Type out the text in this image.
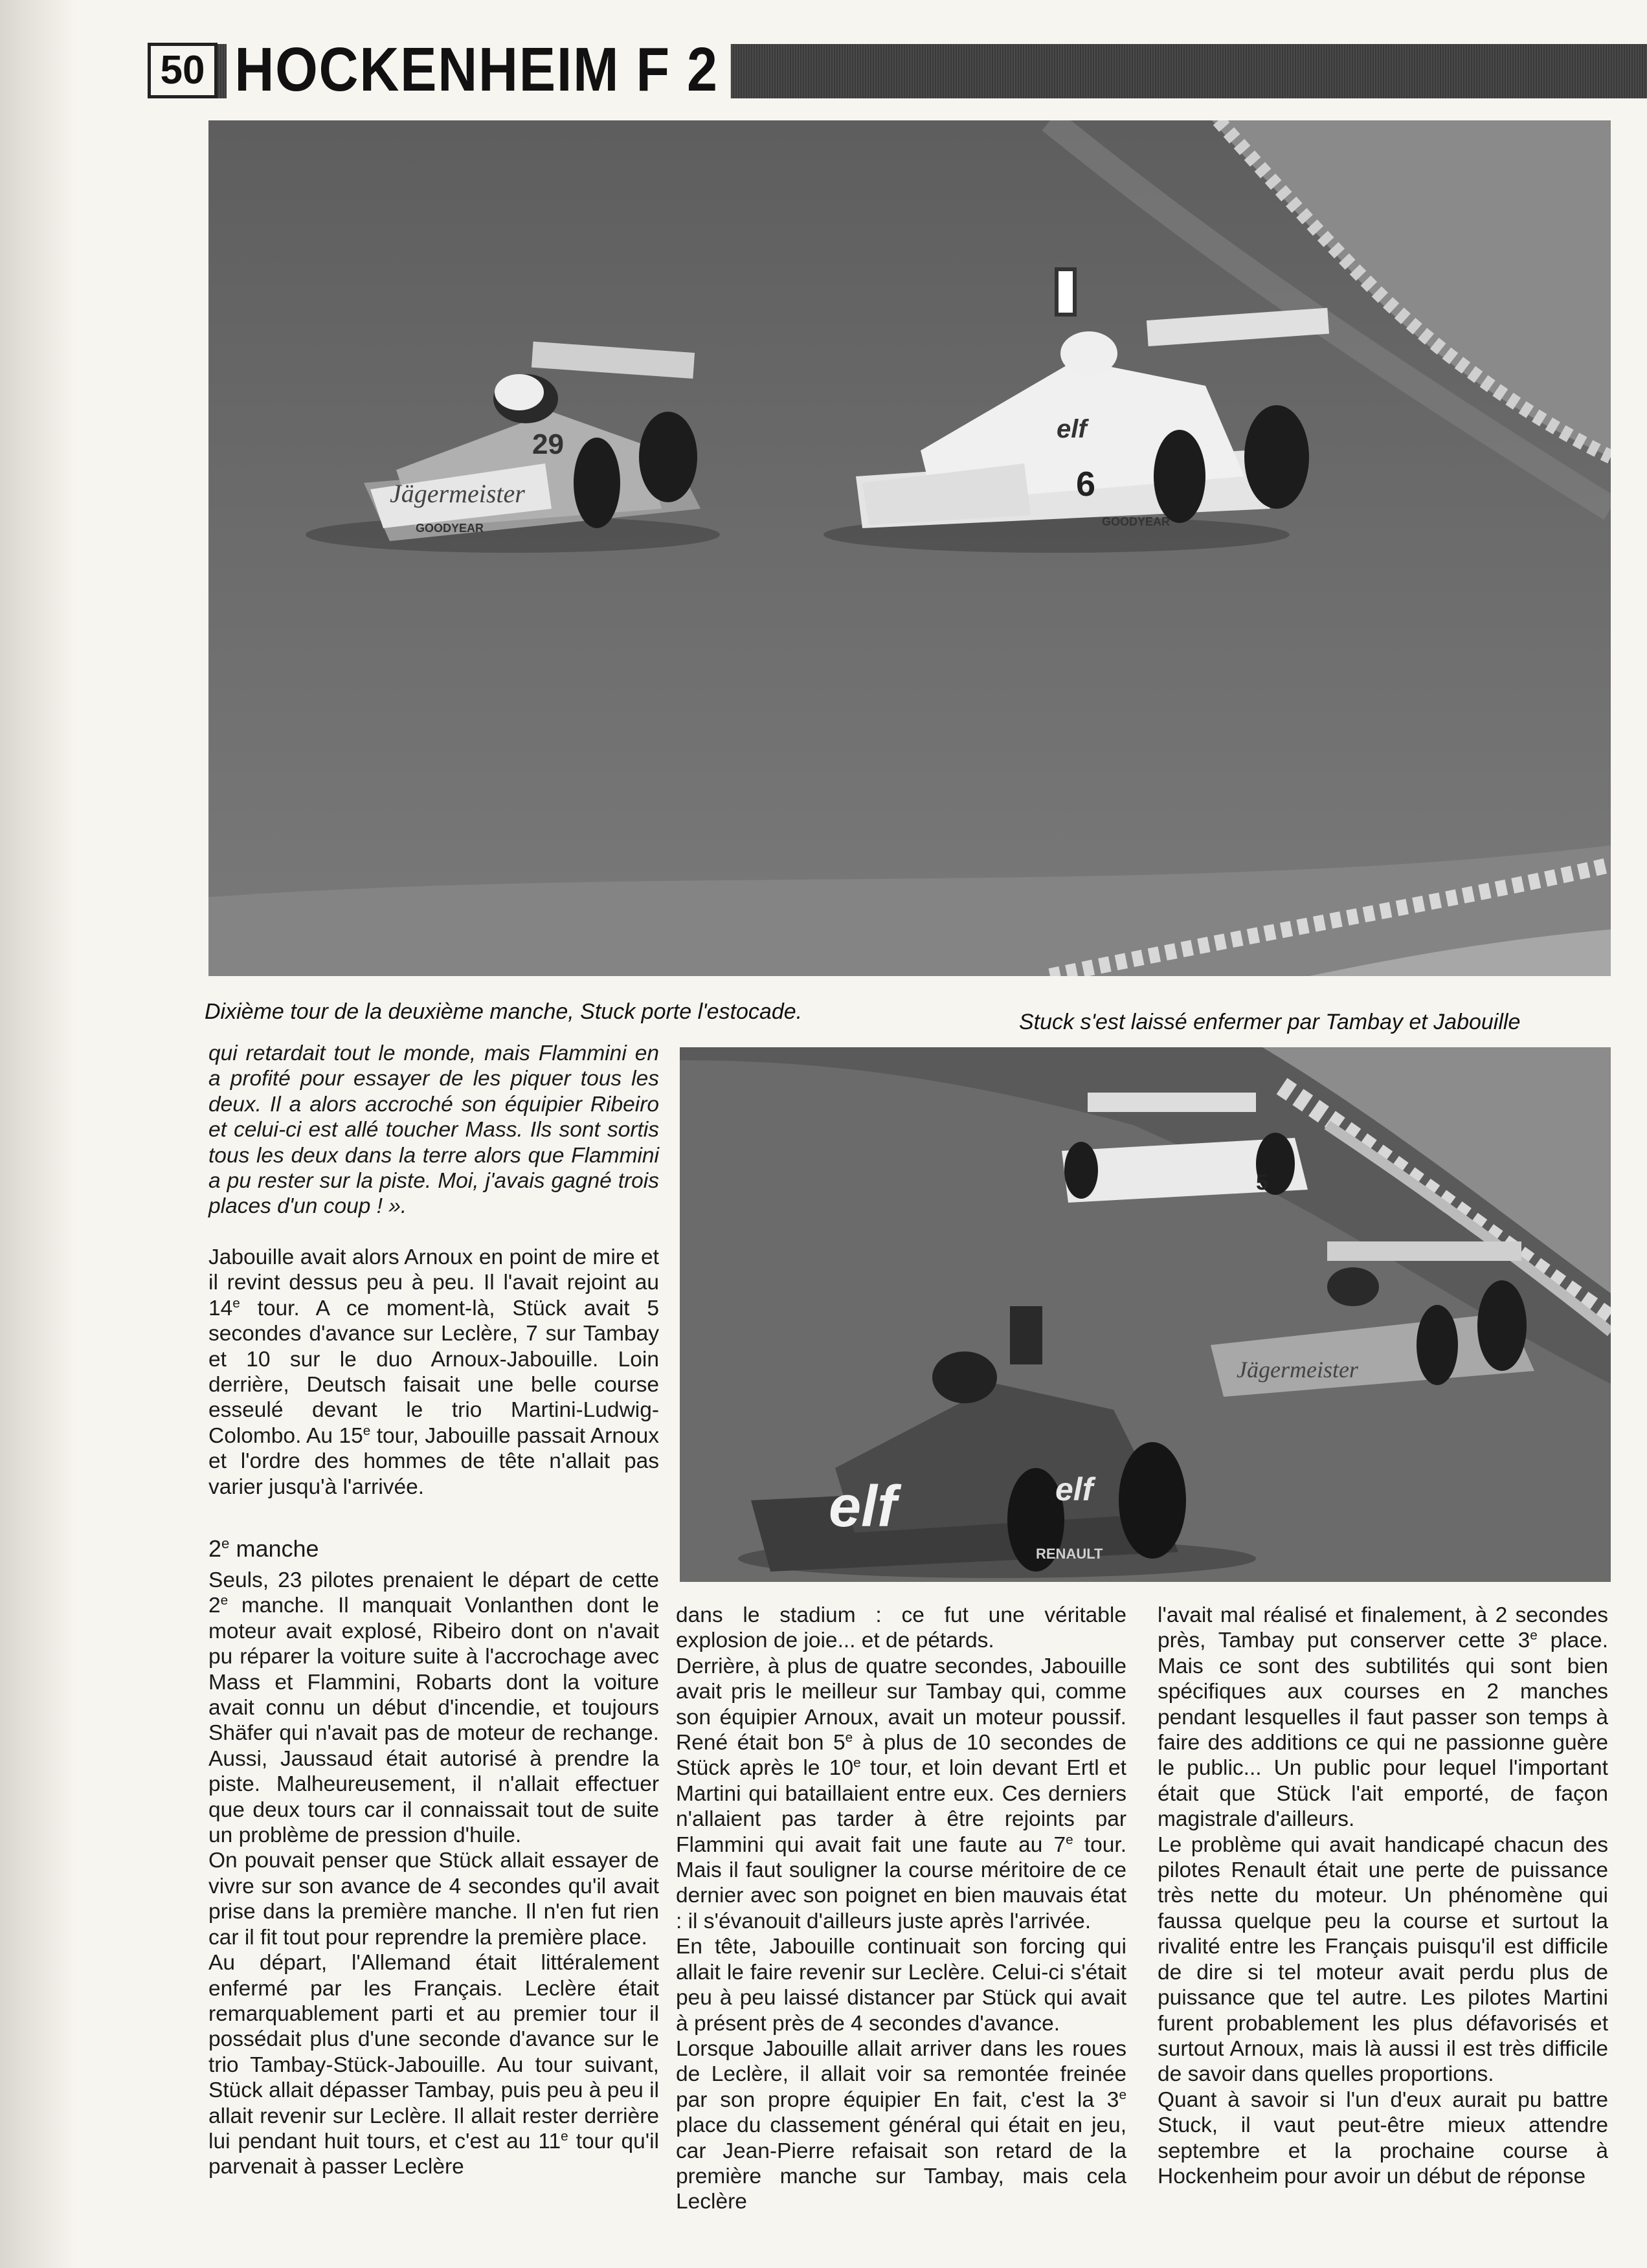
50 HOCKENHEIM F 2
Jägermeister
29
GOODYEAR
elf
6
GOODYEAR
Dixième tour de la deuxième manche, Stuck porte l'estocade.	Stuck s'est laissé enfermer par Tambay et Jabouille
5
Jägermeister
elf	elf
RENAULT

qui retardait tout le monde, mais Flammini en a profité pour essayer de les piquer tous les deux. Il a alors accroché son équipier Ribeiro et celui-ci est allé toucher Mass. Ils sont sortis tous les deux dans la terre alors que Flammini a pu rester sur la piste. Moi, j'avais gagné trois places d'un coup ! ».

Jabouille avait alors Arnoux en point de mire et il revint dessus peu à peu. Il l'avait rejoint au 14e tour. A ce moment-là, Stück avait 5 secondes d'avance sur Leclère, 7 sur Tambay et 10 sur le duo Arnoux-Jabouille. Loin derrière, Deutsch faisait une belle course esseulé devant le trio Martini-Ludwig-Colombo. Au 15e tour, Jabouille passait Arnoux et l'ordre des hommes de tête n'allait pas varier jusqu'à l'arrivée.

2e manche

Seuls, 23 pilotes prenaient le départ de cette 2e manche. Il manquait Vonlanthen dont le moteur avait explosé, Ribeiro dont on n'avait pu réparer la voiture suite à l'accrochage avec Mass et Flammini, Robarts dont la voiture avait connu un début d'incendie, et toujours Shäfer qui n'avait pas de moteur de rechange. Aussi, Jaussaud était autorisé à prendre la piste. Malheureusement, il n'allait effectuer que deux tours car il connaissait tout de suite un problème de pression d'huile.

On pouvait penser que Stück allait essayer de vivre sur son avance de 4 secondes qu'il avait prise dans la première manche. Il n'en fut rien car il fit tout pour reprendre la première place.

Au départ, l'Allemand était littéralement enfermé par les Français. Leclère était remarquablement parti et au premier tour il possédait plus d'une seconde d'avance sur le trio Tambay-Stück-Jabouille. Au tour suivant, Stück allait dépasser Tambay, puis peu à peu il allait revenir sur Leclère. Il allait rester derrière lui pendant huit tours, et c'est au 11e tour qu'il parvenait à passer Leclère

dans le stadium : ce fut une véritable explosion de joie... et de pétards.

Derrière, à plus de quatre secondes, Jabouille avait pris le meilleur sur Tambay qui, comme son équipier Arnoux, avait un moteur poussif. René était bon 5e à plus de 10 secondes de Stück après le 10e tour, et loin devant Ertl et Martini qui bataillaient entre eux. Ces derniers n'allaient pas tarder à être rejoints par Flammini qui avait fait une faute au 7e tour. Mais il faut souligner la course méritoire de ce dernier avec son poignet en bien mauvais état : il s'évanouit d'ailleurs juste après l'arrivée.

En tête, Jabouille continuait son forcing qui allait le faire revenir sur Leclère. Celui-ci s'était peu à peu laissé distancer par Stück qui avait à présent près de 4 secondes d'avance.

Lorsque Jabouille allait arriver dans les roues de Leclère, il allait voir sa remontée freinée par son propre équipier En fait, c'est la 3e place du classement général qui était en jeu, car Jean-Pierre refaisait son retard de la première manche sur Tambay, mais cela Leclère

l'avait mal réalisé et finalement, à 2 secondes près, Tambay put conserver cette 3e place. Mais ce sont des subtilités qui sont bien spécifiques aux courses en 2 manches pendant lesquelles il faut passer son temps à faire des additions ce qui ne passionne guère le public... Un public pour lequel l'important était que Stück l'ait emporté, de façon magistrale d'ailleurs.

Le problème qui avait handicapé chacun des pilotes Renault était une perte de puissance très nette du moteur. Un phénomène qui faussa quelque peu la course et surtout la rivalité entre les Français puisqu'il est difficile de dire si tel moteur avait perdu plus de puissance que tel autre. Les pilotes Martini furent probablement les plus défavorisés et surtout Arnoux, mais là aussi il est très difficile de savoir dans quelles proportions.

Quant à savoir si l'un d'eux aurait pu battre Stuck, il vaut peut-être mieux attendre septembre et la prochaine course à Hockenheim pour avoir un début de réponse
